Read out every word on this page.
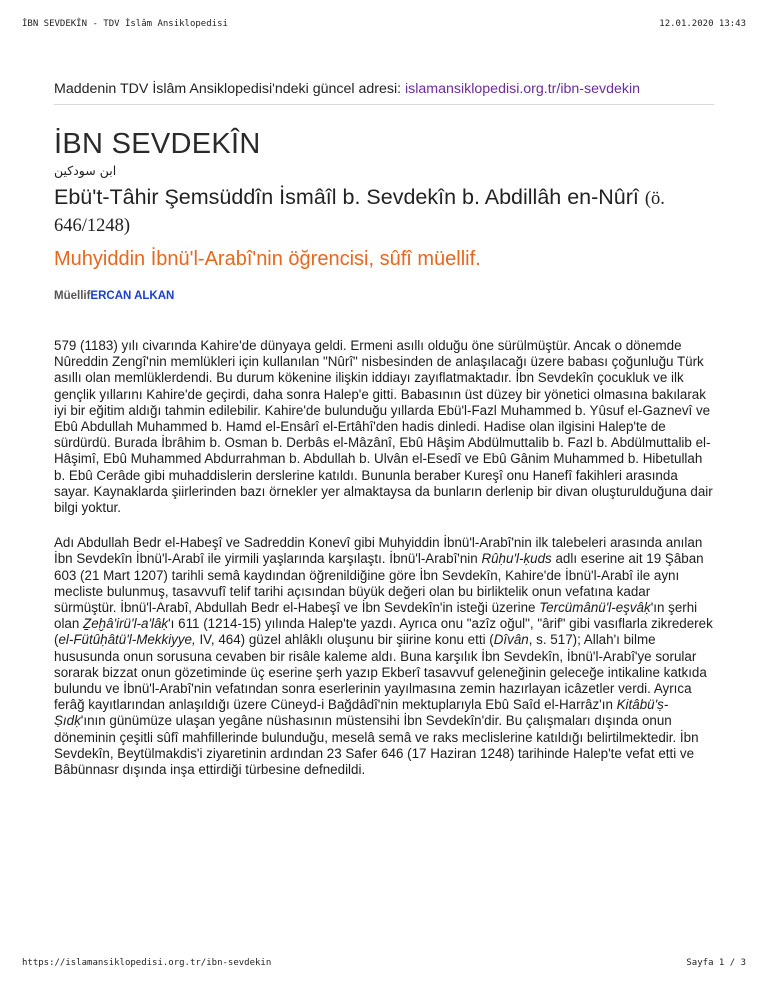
İBN SEVDEKÎN - TDV İslâm Ansiklopedisi	12.01.2020 13:43

Maddenin TDV İslâm Ansiklopedisi'ndeki güncel adresi: islamansiklopedisi.org.tr/ibn-sevdekin

İBN SEVDEKÎN
ابن سودكين
Ebü't-Tâhir Şemsüddîn İsmâîl b. Sevdekîn b. Abdillâh en-Nûrî (ö. 646/1248)
Muhyiddin İbnü'l-Arabî'nin öğrencisi, sûfî müellif.
MüellifERCAN ALKAN

579 (1183) yılı civarında Kahire'de dünyaya geldi. Ermeni asıllı olduğu öne sürülmüştür. Ancak o dönemde Nûreddin Zengî'nin memlükleri için kullanılan "Nûrî" nisbesinden de anlaşılacağı üzere babası çoğunluğu Türk asıllı olan memlüklerdendi. Bu durum kökenine ilişkin iddiayı zayıflatmaktadır. İbn Sevdekîn çocukluk ve ilk gençlik yıllarını Kahire'de geçirdi, daha sonra Halep'e gitti. Babasının üst düzey bir yönetici olmasına bakılarak iyi bir eğitim aldığı tahmin edilebilir. Kahire'de bulunduğu yıllarda Ebü'l-Fazl Muhammed b. Yûsuf el-Gaznevî ve Ebû Abdullah Muhammed b. Hamd el-Ensârî el-Ertâhî'den hadis dinledi. Hadise olan ilgisini Halep'te de sürdürdü. Burada İbrâhim b. Osman b. Derbâs el-Mâzânî, Ebû Hâşim Abdülmuttalib b. Fazl b. Abdülmuttalib el-Hâşimî, Ebû Muhammed Abdurrahman b. Abdullah b. Ulvân el-Esedî ve Ebû Gânim Muhammed b. Hibetullah b. Ebû Cerâde gibi muhaddislerin derslerine katıldı. Bununla beraber Kureşî onu Hanefî fakihleri arasında sayar. Kaynaklarda şiirlerinden bazı örnekler yer almaktaysa da bunların derlenip bir divan oluşturulduğuna dair bilgi yoktur.

Adı Abdullah Bedr el-Habeşî ve Sadreddin Konevî gibi Muhyiddin İbnü'l-Arabî'nin ilk talebeleri arasında anılan İbn Sevdekîn İbnü'l-Arabî ile yirmili yaşlarında karşılaştı. İbnü'l-Arabî'nin Rûḥu'l-ḳuds adlı eserine ait 19 Şâban 603 (21 Mart 1207) tarihli semâ kaydından öğrenildiğine göre İbn Sevdekîn, Kahire'de İbnü'l-Arabî ile aynı mecliste bulunmuş, tasavvufî telif tarihi açısından büyük değeri olan bu birliktelik onun vefatına kadar sürmüştür. İbnü'l-Arabî, Abdullah Bedr el-Habeşî ve İbn Sevdekîn'in isteği üzerine Tercümânü'l-eşvâḳ'ın şerhi olan Ẕeḫâ'irü'l-a'lâḳ'ı 611 (1214-15) yılında Halep'te yazdı. Ayrıca onu "azîz oğul", "ârif" gibi vasıflarla zikrederek (el-Fütûḥâtü'l-Mekkiyye, IV, 464) güzel ahlâklı oluşunu bir şiirine konu etti (Dîvân, s. 517); Allah'ı bilme hususunda onun sorusuna cevaben bir risâle kaleme aldı. Buna karşılık İbn Sevdekîn, İbnü'l-Arabî'ye sorular sorarak bizzat onun gözetiminde üç eserine şerh yazıp Ekberî tasavvuf geleneğinin geleceğe intikaline katkıda bulundu ve İbnü'l-Arabî'nin vefatından sonra eserlerinin yayılmasına zemin hazırlayan icâzetler verdi. Ayrıca ferâğ kayıtlarından anlaşıldığı üzere Cüneyd-i Bağdâdî'nin mektuplarıyla Ebû Saîd el-Harrâz'ın Kitâbü'ṣ-Ṣıdḳ'ının günümüze ulaşan yegâne nüshasının müstensihi İbn Sevdekîn'dir. Bu çalışmaları dışında onun döneminin çeşitli sûfî mahfillerinde bulunduğu, meselâ semâ ve raks meclislerine katıldığı belirtilmektedir. İbn Sevdekîn, Beytülmakdis'i ziyaretinin ardından 23 Safer 646 (17 Haziran 1248) tarihinde Halep'te vefat etti ve Bâbünnasr dışında inşa ettirdiği türbesine defnedildi.

https://islamansiklopedisi.org.tr/ibn-sevdekin	Sayfa 1 / 3
